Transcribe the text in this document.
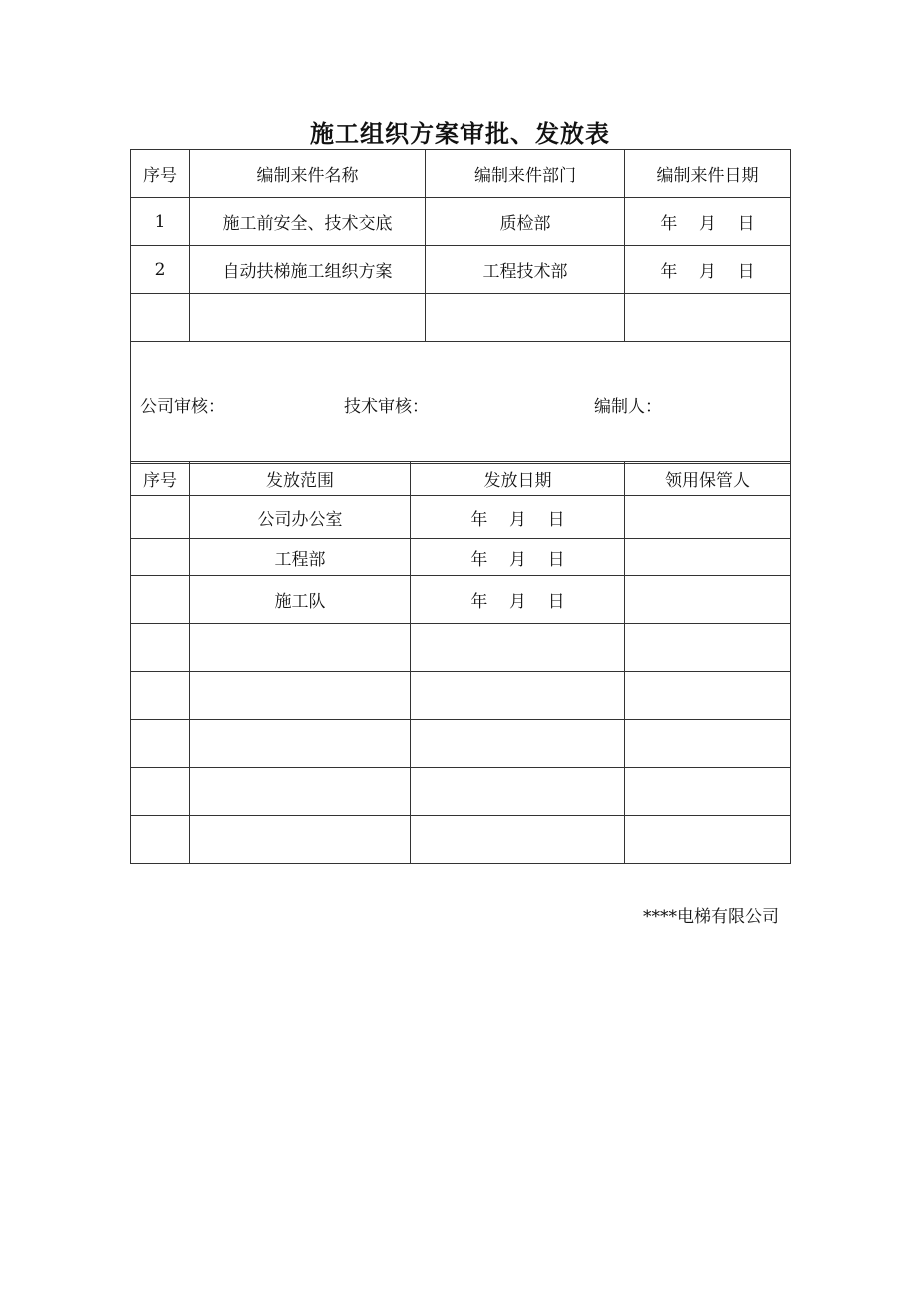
施工组织方案审批、发放表
序号	编制来件名称	编制来件部门	编制来件日期
1	施工前安全、技术交底	质检部	年    月    日
2	自动扶梯施工组织方案	工程技术部	年    月    日

公司审核： 技术审核： 编制人：			
序号	发放范围	发放日期	领用保管人
	公司办公室	年    月    日	
	工程部	年    月    日	
	施工队	年    月    日	

****电梯有限公司
